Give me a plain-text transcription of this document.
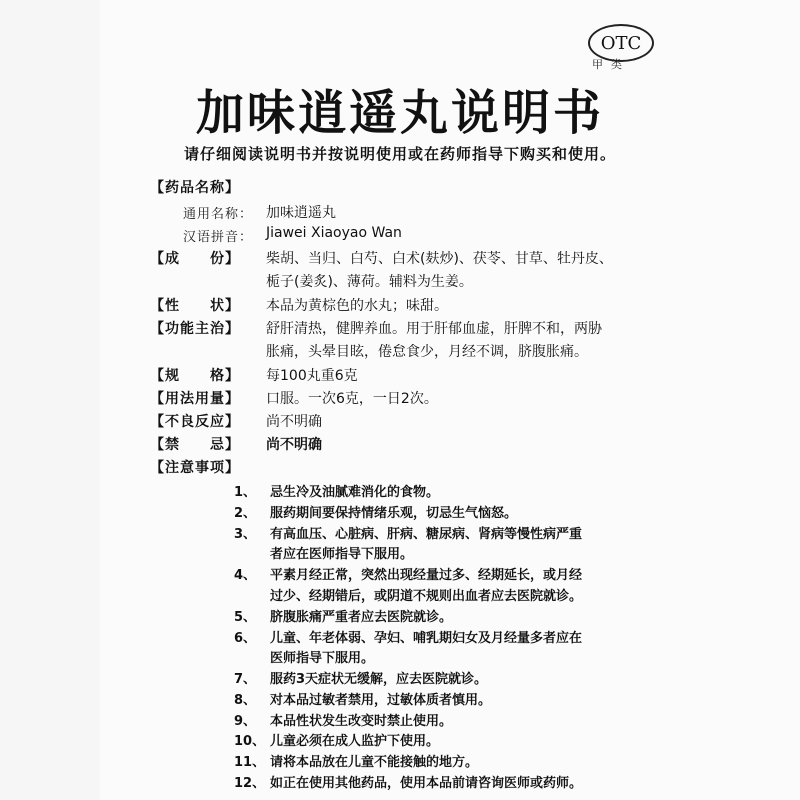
OTC
甲类
加味逍遥丸说明书
请仔细阅读说明书并按说明使用或在药师指导下购买和使用。
【药品名称】
通用名称： 加味逍遥丸
汉语拼音： Jiawei Xiaoyao Wan
【成　　份】 柴胡、当归、白芍、白术(麸炒)、茯苓、甘草、牡丹皮、
栀子(姜炙)、薄荷。辅料为生姜。
【性　　状】 本品为黄棕色的水丸；味甜。
【功能主治】 舒肝清热，健脾养血。用于肝郁血虚，肝脾不和，两胁
胀痛，头晕目眩，倦怠食少，月经不调，脐腹胀痛。
【规　　格】 每100丸重6克
【用法用量】 口服。一次6克，一日2次。
【不良反应】 尚不明确
【禁　　忌】 尚不明确
【注意事项】
1、 忌生冷及油腻难消化的食物。
2、 服药期间要保持情绪乐观，切忌生气恼怒。
3、 有高血压、心脏病、肝病、糖尿病、肾病等慢性病严重
者应在医师指导下服用。
4、 平素月经正常，突然出现经量过多、经期延长，或月经
过少、经期错后，或阴道不规则出血者应去医院就诊。
5、 脐腹胀痛严重者应去医院就诊。
6、 儿童、年老体弱、孕妇、哺乳期妇女及月经量多者应在
医师指导下服用。
7、 服药3天症状无缓解，应去医院就诊。
8、 对本品过敏者禁用，过敏体质者慎用。
9、 本品性状发生改变时禁止使用。
10、 儿童必须在成人监护下使用。
11、 请将本品放在儿童不能接触的地方。
12、 如正在使用其他药品，使用本品前请咨询医师或药师。
